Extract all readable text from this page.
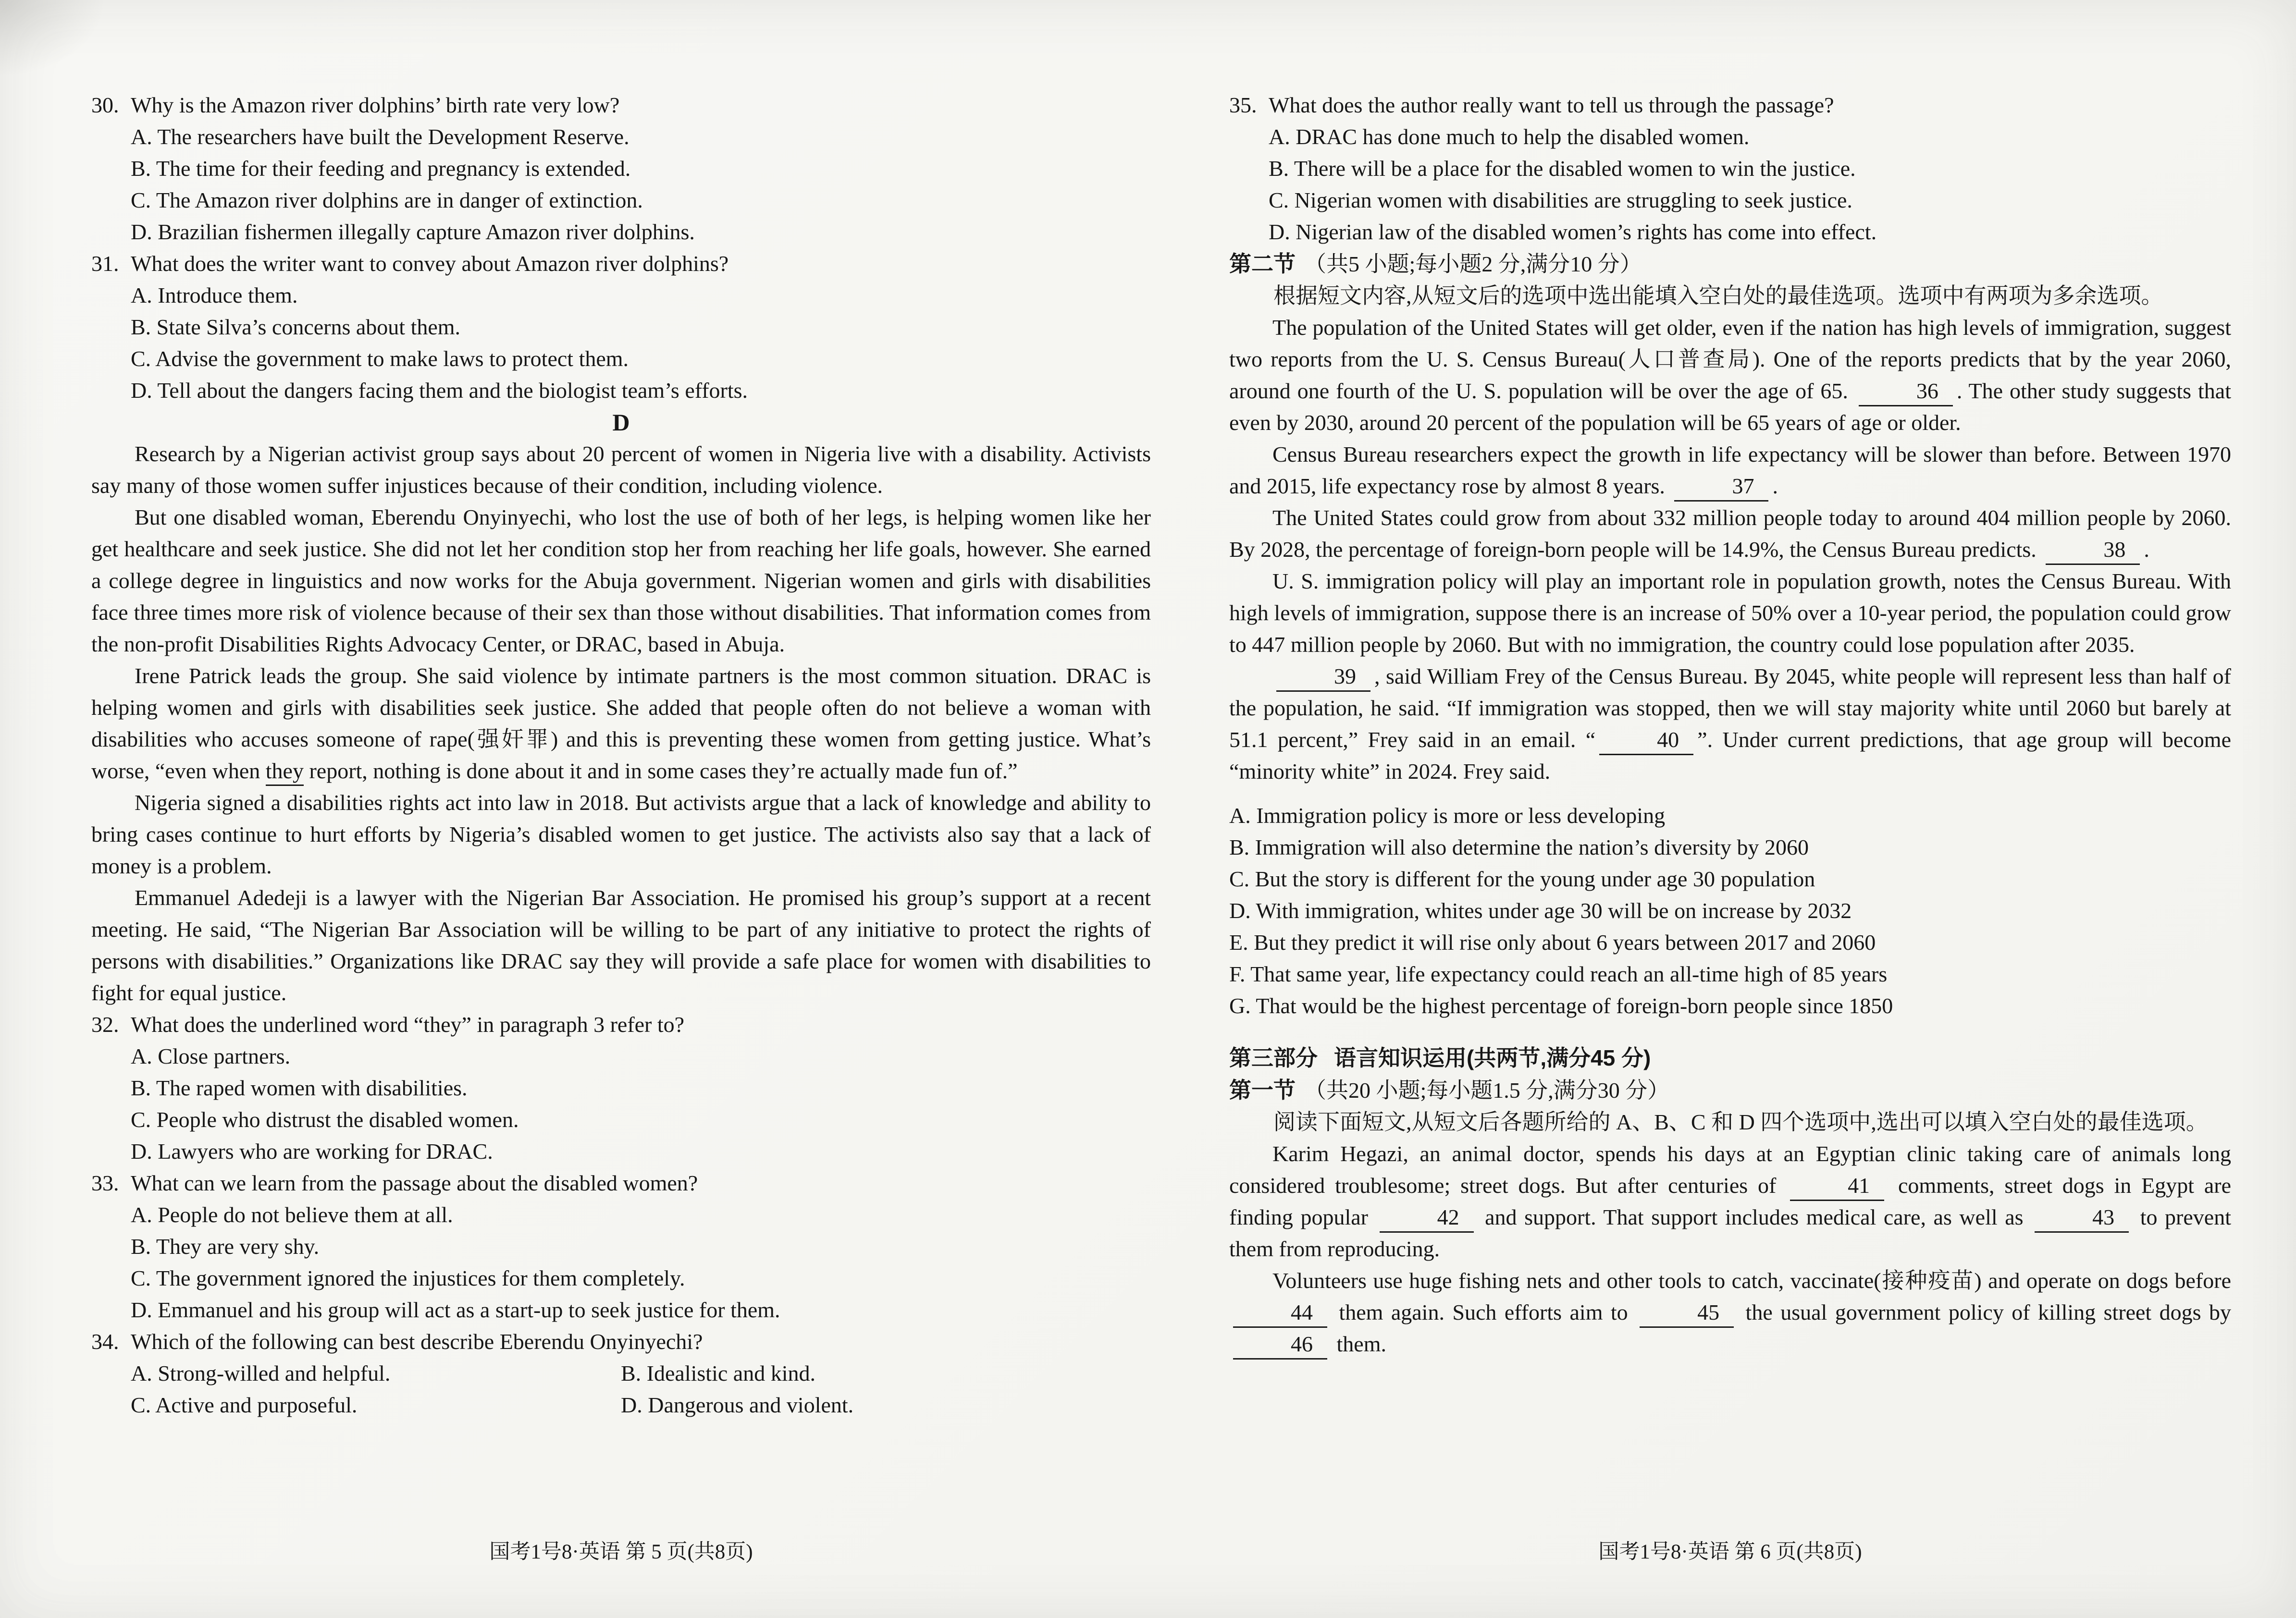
30. Why is the Amazon river dolphins’ birth rate very low?
A. The researchers have built the Development Reserve.
B. The time for their feeding and pregnancy is extended.
C. The Amazon river dolphins are in danger of extinction.
D. Brazilian fishermen illegally capture Amazon river dolphins.
31. What does the writer want to convey about Amazon river dolphins?
A. Introduce them.
B. State Silva’s concerns about them.
C. Advise the government to make laws to protect them.
D. Tell about the dangers facing them and the biologist team’s efforts.
D

Research by a Nigerian activist group says about 20 percent of women in Nigeria live with a disability. Activists say many of those women suffer injustices because of their condition, including violence.

But one disabled woman, Eberendu Onyinyechi, who lost the use of both of her legs, is helping women like her get healthcare and seek justice. She did not let her condition stop her from reaching her life goals, however. She earned a college degree in linguistics and now works for the Abuja government. Nigerian women and girls with disabilities face three times more risk of violence because of their sex than those without disabilities. That information comes from the non-profit Disabilities Rights Advocacy Center, or DRAC, based in Abuja.

Irene Patrick leads the group. She said violence by intimate partners is the most common situation. DRAC is helping women and girls with disabilities seek justice. She added that people often do not believe a woman with disabilities who accuses someone of rape(强奸罪) and this is preventing these women from getting justice. What’s worse, “even when they report, nothing is done about it and in some cases they’re actually made fun of.”

Nigeria signed a disabilities rights act into law in 2018. But activists argue that a lack of knowledge and ability to bring cases continue to hurt efforts by Nigeria’s disabled women to get justice. The activists also say that a lack of money is a problem.

Emmanuel Adedeji is a lawyer with the Nigerian Bar Association. He promised his group’s support at a recent meeting. He said, “The Nigerian Bar Association will be willing to be part of any initiative to protect the rights of persons with disabilities.” Organizations like DRAC say they will provide a safe place for women with disabilities to fight for equal justice.

32. What does the underlined word “they” in paragraph 3 refer to?
A. Close partners.
B. The raped women with disabilities.
C. People who distrust the disabled women.
D. Lawyers who are working for DRAC.
33. What can we learn from the passage about the disabled women?
A. People do not believe them at all.
B. They are very shy.
C. The government ignored the injustices for them completely.
D. Emmanuel and his group will act as a start-up to seek justice for them.
34. Which of the following can best describe Eberendu Onyinyechi?
A. Strong-willed and helpful.	B. Idealistic and kind.
C. Active and purposeful.	D. Dangerous and violent.
35. What does the author really want to tell us through the passage?
A. DRAC has done much to help the disabled women.
B. There will be a place for the disabled women to win the justice.
C. Nigerian women with disabilities are struggling to seek justice.
D. Nigerian law of the disabled women’s rights has come into effect.
第二节 （共5 小题;每小题2 分,满分10 分）

根据短文内容,从短文后的选项中选出能填入空白处的最佳选项。选项中有两项为多余选项。

The population of the United States will get older, even if the nation has high levels of immigration, suggest two reports from the U. S. Census Bureau(人口普查局). One of the reports predicts that by the year 2060, around one fourth of the U. S. population will be over the age of 65.	36 . The other study suggests that even by 2030, around 20 percent of the population will be 65 years of age or older.

Census Bureau researchers expect the growth in life expectancy will be slower than before. Between 1970 and 2015, life expectancy rose by almost 8 years.	37 .

The United States could grow from about 332 million people today to around 404 million people by 2060. By 2028, the percentage of foreign-born people will be 14.9%, the Census Bureau predicts.	38 .

U. S. immigration policy will play an important role in population growth, notes the Census Bureau. With high levels of immigration, suppose there is an increase of 50% over a 10-year period, the population could grow to 447 million people by 2060. But with no immigration, the country could lose population after 2035.

39 , said William Frey of the Census Bureau. By 2045, white people will represent less than half of the population, he said. “If immigration was stopped, then we will stay majority white until 2060 but barely at 51.1 percent,” Frey said in an email. “	40 ”. Under current predictions, that age group will become “minority white” in 2024. Frey said.

A. Immigration policy is more or less developing
B. Immigration will also determine the nation’s diversity by 2060
C. But the story is different for the young under age 30 population
D. With immigration, whites under age 30 will be on increase by 2032
E. But they predict it will rise only about 6 years between 2017 and 2060
F. That same year, life expectancy could reach an all-time high of 85 years
G. That would be the highest percentage of foreign-born people since 1850
第三部分 语言知识运用(共两节,满分45 分)
第一节 （共20 小题;每小题1.5 分,满分30 分）

阅读下面短文,从短文后各题所给的 A、B、C 和 D 四个选项中,选出可以填入空白处的最佳选项。

Karim Hegazi, an animal doctor, spends his days at an Egyptian clinic taking care of animals long considered troublesome; street dogs. But after centuries of	41 comments, street dogs in Egypt are finding popular	42 and support. That support includes medical care, as well as	43 to prevent them from reproducing.

Volunteers use huge fishing nets and other tools to catch, vaccinate(接种疫苗) and operate on dogs before 44 them again. Such efforts aim to	45 the usual government policy of killing street dogs by 46 them.

国考1号8·英语 第 5 页(共8页)	国考1号8·英语 第 6 页(共8页)
